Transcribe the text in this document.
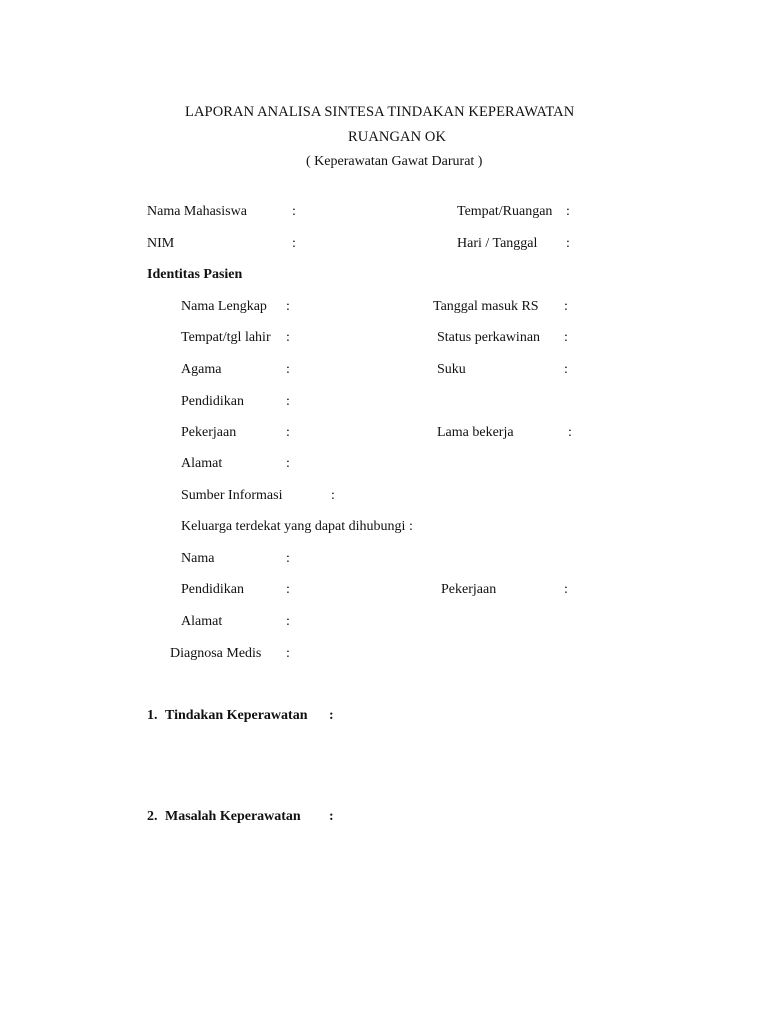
LAPORAN ANALISA SINTESA TINDAKAN KEPERAWATAN
RUANGAN OK
( Keperawatan Gawat Darurat )
Nama Mahasiswa	:	Tempat/Ruangan :
NIM	:	Hari / Tanggal :
Identitas Pasien
Nama Lengkap :	Tanggal masuk RS :
Tempat/tgl lahir :	Status perkawinan :
Agama	:	Suku	:
Pendidikan	:
Pekerjaan	:	Lama bekerja	:
Alamat	:
Sumber Informasi	:
Keluarga terdekat yang dapat dihubungi :
Nama	:
Pendidikan	:	Pekerjaan	:
Alamat	:
Diagnosa Medis :
1. Tindakan Keperawatan :
2. Masalah Keperawatan :
